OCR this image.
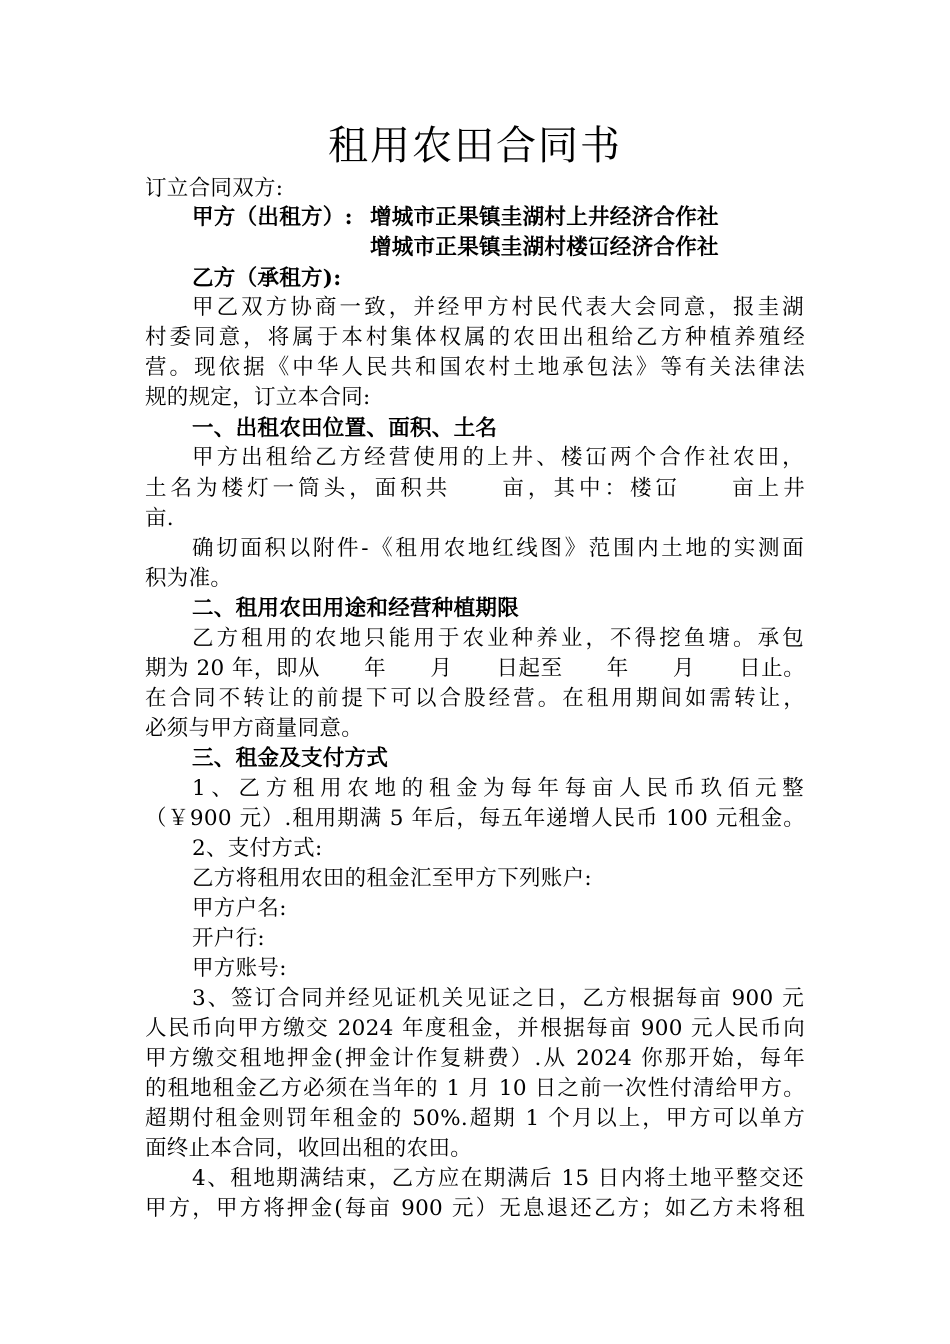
租用农田合同书
订立合同双方:
甲方（出租方）: 增城市正果镇圭湖村上井经济合作社
增城市正果镇圭湖村楼冚经济合作社
乙方（承租方):
甲乙双方协商一致，并经甲方村民代表大会同意，报圭湖
村委同意，将属于本村集体权属的农田出租给乙方种植养殖经
营。现依据《中华人民共和国农村土地承包法》等有关法律法
规的规定，订立本合同:
一、出租农田位置、面积、土名
甲方出租给乙方经营使用的上井、楼冚两个合作社农田，
土名为楼灯一筒头，面积共　　亩，其中：楼冚　　亩上井
亩.
确切面积以附件-《租用农地红线图》范围内土地的实测面
积为准。
二、租用农田用途和经营种植期限
乙方租用的农地只能用于农业种养业，不得挖鱼塘。承包
期为 20 年，即从　　年　　月　　日起至　　年　　月　　日止。
在合同不转让的前提下可以合股经营。在租用期间如需转让，
必须与甲方商量同意。
三、租金及支付方式
1、乙方租用农地的租金为每年每亩人民币玖佰元整
（￥900 元）.租用期满 5 年后，每五年递增人民币 100 元租金。
2、支付方式:
乙方将租用农田的租金汇至甲方下列账户:
甲方户名:
开户行:
甲方账号:
3、签订合同并经见证机关见证之日，乙方根据每亩 900 元
人民币向甲方缴交 2024 年度租金，并根据每亩 900 元人民币向
甲方缴交租地押金(押金计作复耕费）.从 2024 你那开始，每年
的租地租金乙方必须在当年的 1 月 10 日之前一次性付清给甲方。
超期付租金则罚年租金的 50%.超期 1 个月以上，甲方可以单方
面终止本合同，收回出租的农田。
4、租地期满结束，乙方应在期满后 15 日内将土地平整交还
甲方，甲方将押金(每亩 900 元）无息退还乙方；如乙方未将租
